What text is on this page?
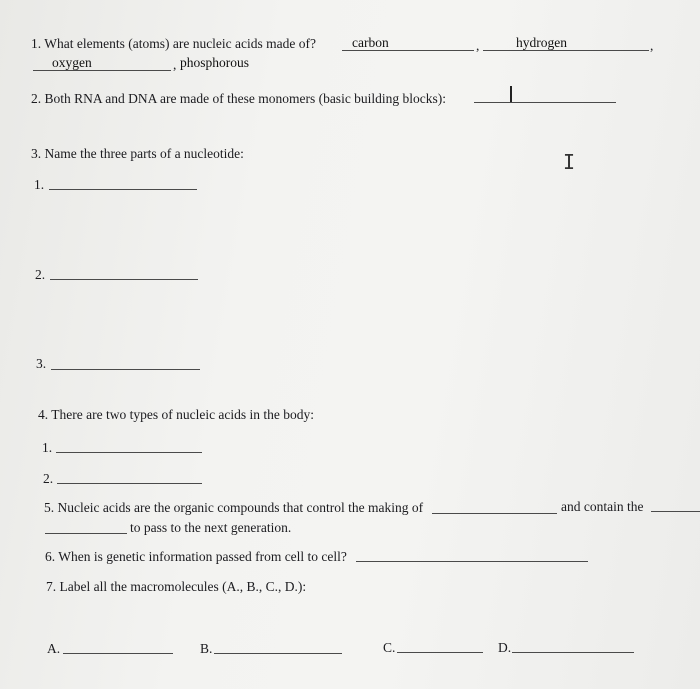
1. What elements (atoms) are nucleic acids made of?	carbon	,	hydrogen	,
oxygen	, phosphorous
2. Both RNA and DNA are made of these monomers (basic building blocks):
3. Name the three parts of a nucleotide:	I
1.
2.
3.
4. There are two types of nucleic acids in the body:
1.
2.
5. Nucleic acids are the organic compounds that control the making of	and contain the
to pass to the next generation.
6. When is genetic information passed from cell to cell?
7. Label all the macromolecules (A., B., C., D.):
A.	B.	C.	D.
